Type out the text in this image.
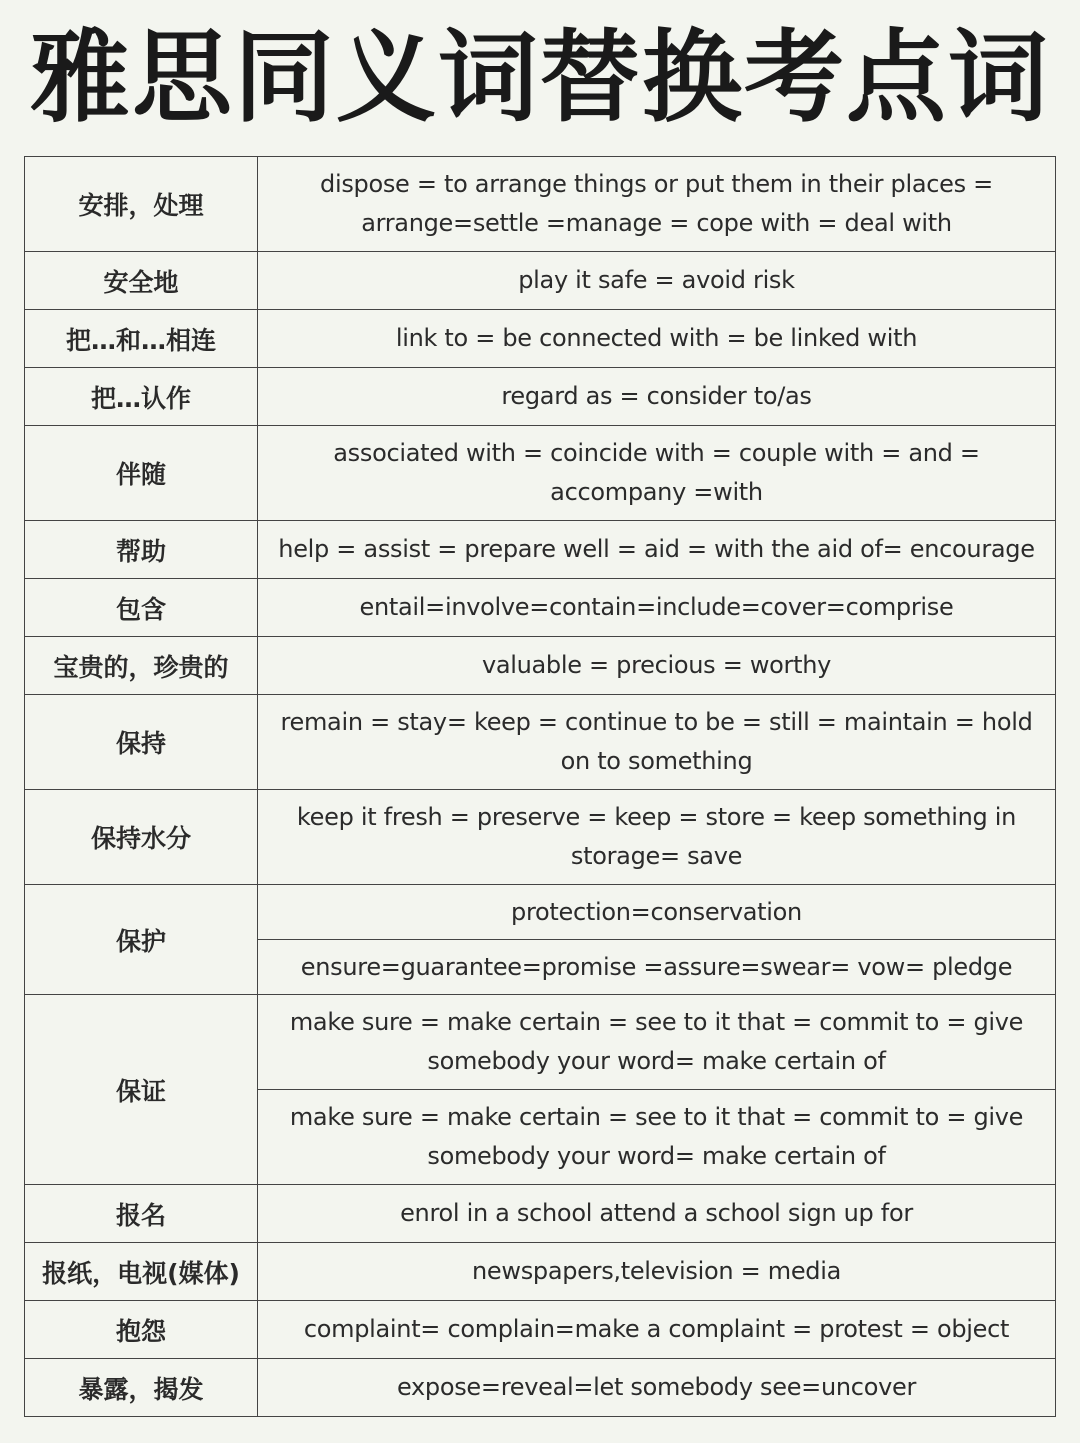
雅思同义词替换考点词
安排，处理	dispose = to arrange things or put them in their places = arrange=settle =manage = cope with = deal with
安全地	play it safe = avoid risk
把…和…相连	link to = be connected with = be linked with
把…认作	regard as = consider to/as
伴随	associated with = coincide with = couple with = and = accompany =with
帮助	help = assist = prepare well = aid = with the aid of= encourage
包含	entail=involve=contain=include=cover=comprise
宝贵的，珍贵的	valuable = precious = worthy
保持	remain = stay= keep = continue to be = still = maintain = hold on to something
保持水分	keep it fresh = preserve = keep = store = keep something in storage= save
保护	protection=conservation
	ensure=guarantee=promise =assure=swear= vow= pledge
保证	make sure = make certain = see to it that = commit to = give somebody your word= make certain of
	make sure = make certain = see to it that = commit to = give somebody your word= make certain of
报名	enrol in a school attend a school sign up for
报纸，电视(媒体)	newspapers,television = media
抱怨	complaint= complain=make a complaint = protest = object
暴露，揭发	expose=reveal=let somebody see=uncover
